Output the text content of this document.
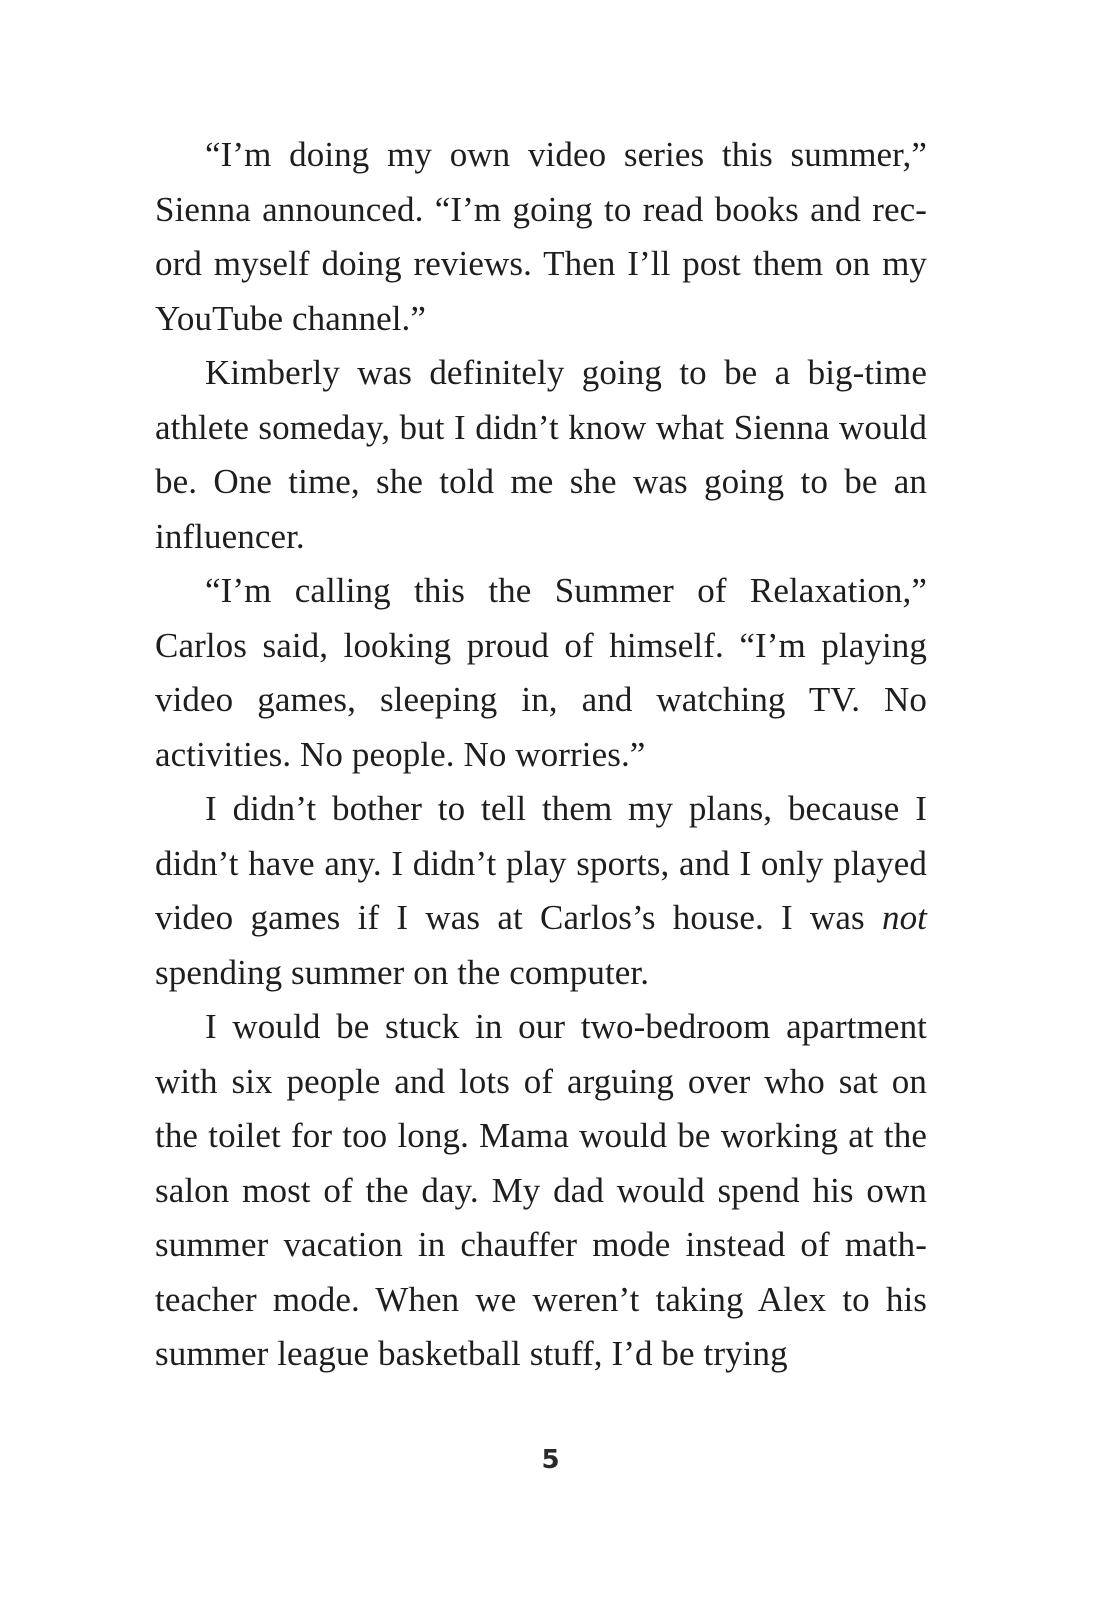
“I’m doing my own video series this summer,” Sienna announced. “I’m going to read books and rec-ord myself doing reviews. Then I’ll post them on my YouTube channel.”

Kimberly was definitely going to be a big-time athlete someday, but I didn’t know what Sienna would be. One time, she told me she was going to be an influencer.

“I’m calling this the Summer of Relaxation,” Carlos said, looking proud of himself. “I’m playing video games, sleeping in, and watching TV. No activities. No people. No worries.”

I didn’t bother to tell them my plans, because I didn’t have any. I didn’t play sports, and I only played video games if I was at Carlos’s house. I was not spending summer on the computer.

I would be stuck in our two-bedroom apartment with six people and lots of arguing over who sat on the toilet for too long. Mama would be working at the salon most of the day. My dad would spend his own summer vacation in chauffer mode instead of math-teacher mode. When we weren’t taking Alex to his summer league basketball stuff, I’d be trying

5
